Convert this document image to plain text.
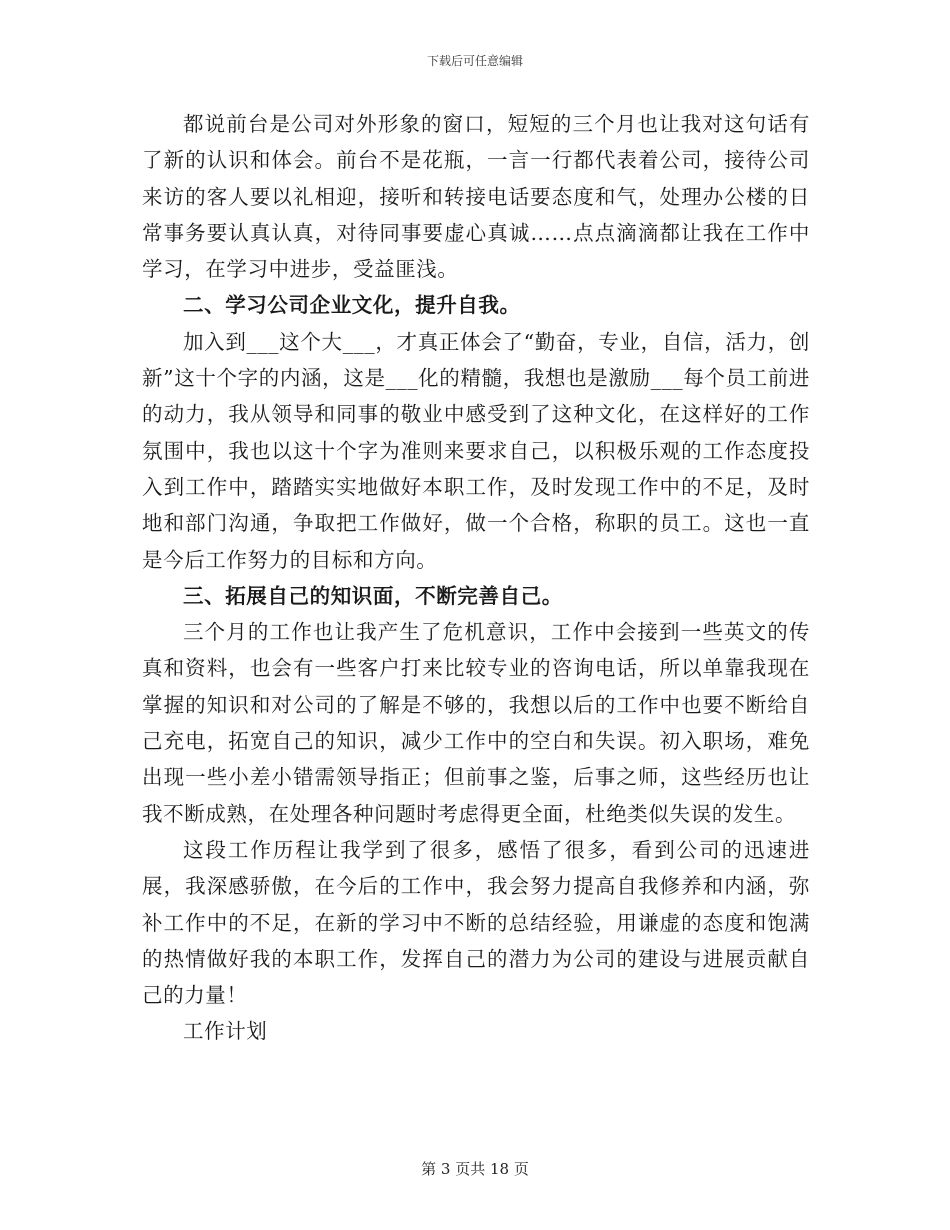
下载后可任意编辑

都说前台是公司对外形象的窗口，短短的三个月也让我对这句话有了新的认识和体会。前台不是花瓶，一言一行都代表着公司，接待公司来访的客人要以礼相迎，接听和转接电话要态度和气，处理办公楼的日常事务要认真认真，对待同事要虚心真诚……点点滴滴都让我在工作中学习，在学习中进步，受益匪浅。

二、学习公司企业文化，提升自我。

加入到___这个大___，才真正体会了“勤奋，专业，自信，活力，创新”这十个字的内涵，这是___化的精髓，我想也是激励___每个员工前进的动力，我从领导和同事的敬业中感受到了这种文化，在这样好的工作氛围中，我也以这十个字为准则来要求自己，以积极乐观的工作态度投入到工作中，踏踏实实地做好本职工作，及时发现工作中的不足，及时地和部门沟通，争取把工作做好，做一个合格，称职的员工。这也一直是今后工作努力的目标和方向。

三、拓展自己的知识面，不断完善自己。

三个月的工作也让我产生了危机意识，工作中会接到一些英文的传真和资料，也会有一些客户打来比较专业的咨询电话，所以单靠我现在掌握的知识和对公司的了解是不够的，我想以后的工作中也要不断给自己充电，拓宽自己的知识，减少工作中的空白和失误。初入职场，难免出现一些小差小错需领导指正；但前事之鉴，后事之师，这些经历也让我不断成熟，在处理各种问题时考虑得更全面，杜绝类似失误的发生。

这段工作历程让我学到了很多，感悟了很多，看到公司的迅速进展，我深感骄傲，在今后的工作中，我会努力提高自我修养和内涵，弥补工作中的不足，在新的学习中不断的总结经验，用谦虚的态度和饱满的热情做好我的本职工作，发挥自己的潜力为公司的建设与进展贡献自己的力量！

工作计划

第 3 页共 18 页
